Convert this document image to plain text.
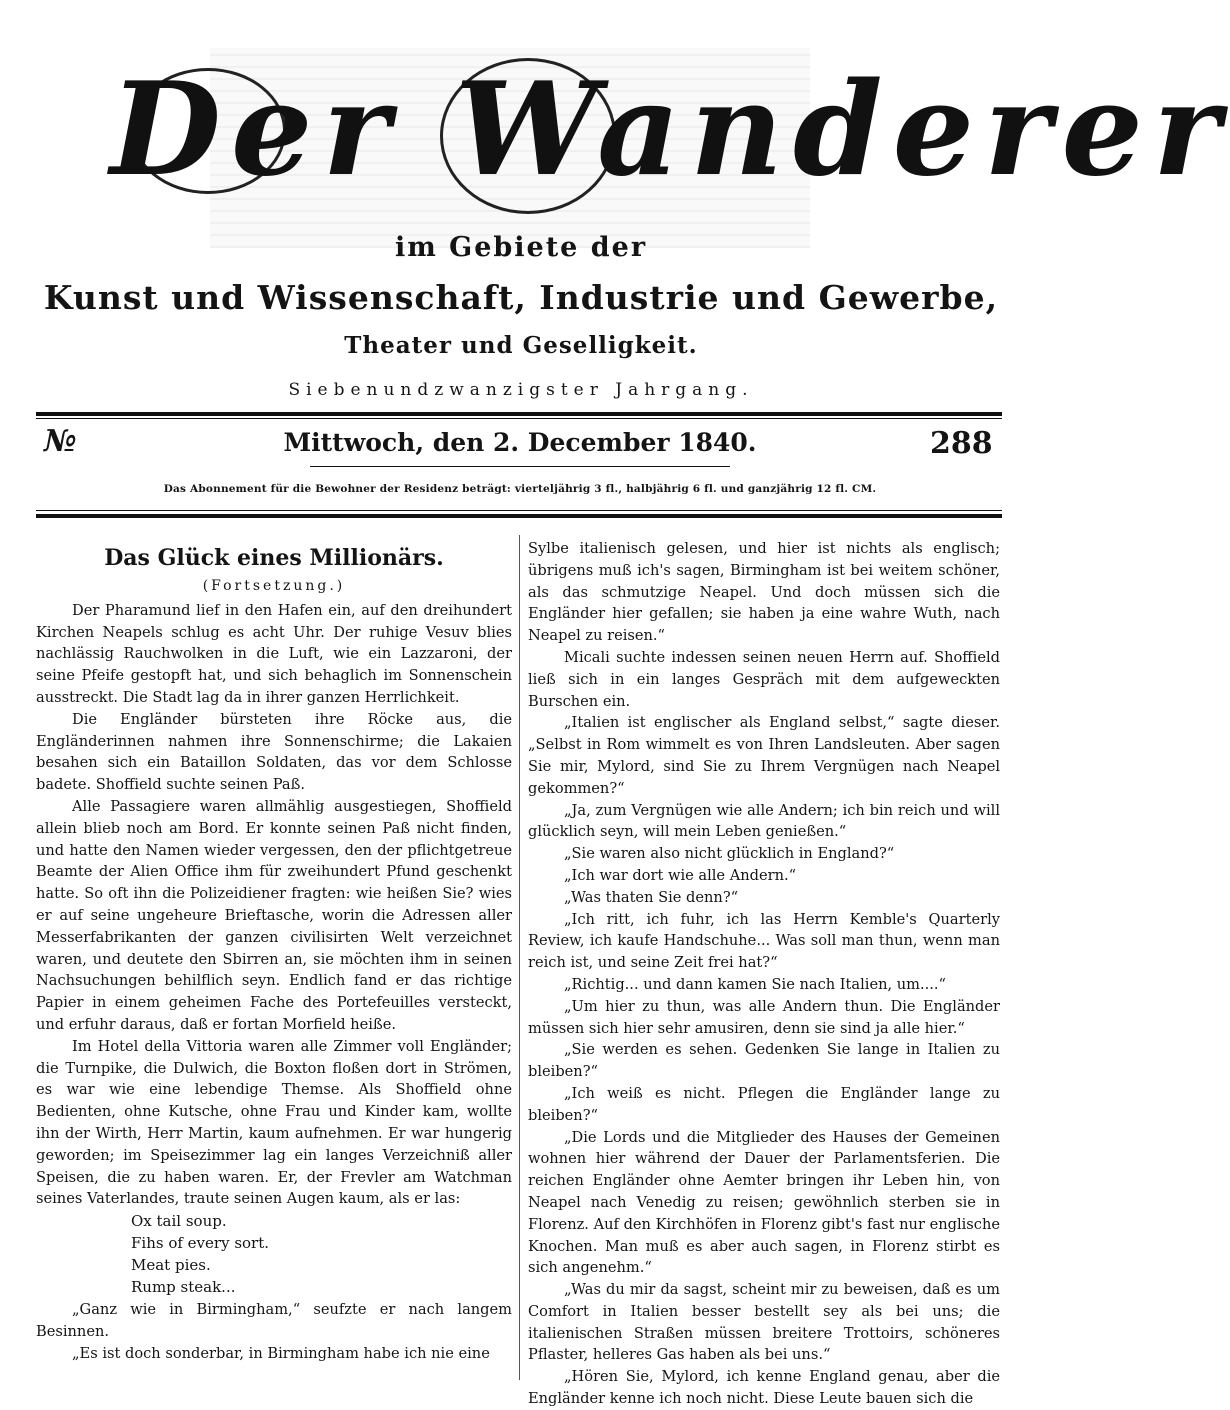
Der Wanderer
im Gebiete der
Kunst und Wissenschaft, Industrie und Gewerbe,
Theater und Geselligkeit.
Siebenundzwanzigster Jahrgang.
№	Mittwoch, den 2. December 1840.	288
Das Abonnement für die Bewohner der Residenz beträgt: vierteljährig 3 fl., halbjährig 6 fl. und ganzjährig 12 fl. CM.
Das Glück eines Millionärs.
(Fortsetzung.)

Der Pharamund lief in den Hafen ein, auf den dreihundert Kirchen Neapels schlug es acht Uhr. Der ruhige Vesuv blies nachlässig Rauchwolken in die Luft, wie ein Lazzaroni, der seine Pfeife gestopft hat, und sich behaglich im Sonnenschein ausstreckt. Die Stadt lag da in ihrer ganzen Herrlichkeit.

Die Engländer bürsteten ihre Röcke aus, die Engländerinnen nahmen ihre Sonnenschirme; die Lakaien besahen sich ein Bataillon Soldaten, das vor dem Schlosse badete. Shoffield suchte seinen Paß.

Alle Passagiere waren allmählig ausgestiegen, Shoffield allein blieb noch am Bord. Er konnte seinen Paß nicht finden, und hatte den Namen wieder vergessen, den der pflichtgetreue Beamte der Alien Office ihm für zweihundert Pfund geschenkt hatte. So oft ihn die Polizeidiener fragten: wie heißen Sie? wies er auf seine ungeheure Brieftasche, worin die Adressen aller Messerfabrikanten der ganzen civilisirten Welt verzeichnet waren, und deutete den Sbirren an, sie möchten ihm in seinen Nachsuchungen behilflich seyn. Endlich fand er das richtige Papier in einem geheimen Fache des Portefeuilles versteckt, und erfuhr daraus, daß er fortan Morfield heiße.

Im Hotel della Vittoria waren alle Zimmer voll Engländer; die Turnpike, die Dulwich, die Boxton floßen dort in Strömen, es war wie eine lebendige Themse. Als Shoffield ohne Bedienten, ohne Kutsche, ohne Frau und Kinder kam, wollte ihn der Wirth, Herr Martin, kaum aufnehmen. Er war hungerig geworden; im Speisezimmer lag ein langes Verzeichniß aller Speisen, die zu haben waren. Er, der Frevler am Watchman seines Vaterlandes, traute seinen Augen kaum, als er las:

Ox tail soup.
Fihs of every sort.
Meat pies.
Rump steak...

„Ganz wie in Birmingham,“ seufzte er nach langem Besinnen.

„Es ist doch sonderbar, in Birmingham habe ich nie eine

Sylbe italienisch gelesen, und hier ist nichts als englisch; übrigens muß ich's sagen, Birmingham ist bei weitem schöner, als das schmutzige Neapel. Und doch müssen sich die Engländer hier gefallen; sie haben ja eine wahre Wuth, nach Neapel zu reisen.“

Micali suchte indessen seinen neuen Herrn auf. Shoffield ließ sich in ein langes Gespräch mit dem aufgeweckten Burschen ein.

„Italien ist englischer als England selbst,“ sagte dieser. „Selbst in Rom wimmelt es von Ihren Landsleuten. Aber sagen Sie mir, Mylord, sind Sie zu Ihrem Vergnügen nach Neapel gekommen?“

„Ja, zum Vergnügen wie alle Andern; ich bin reich und will glücklich seyn, will mein Leben genießen.“

„Sie waren also nicht glücklich in England?“

„Ich war dort wie alle Andern.“

„Was thaten Sie denn?“

„Ich ritt, ich fuhr, ich las Herrn Kemble's Quarterly Review, ich kaufe Handschuhe... Was soll man thun, wenn man reich ist, und seine Zeit frei hat?“

„Richtig... und dann kamen Sie nach Italien, um....“

„Um hier zu thun, was alle Andern thun. Die Engländer müssen sich hier sehr amusiren, denn sie sind ja alle hier.“

„Sie werden es sehen. Gedenken Sie lange in Italien zu bleiben?“

„Ich weiß es nicht. Pflegen die Engländer lange zu bleiben?“

„Die Lords und die Mitglieder des Hauses der Gemeinen wohnen hier während der Dauer der Parlamentsferien. Die reichen Engländer ohne Aemter bringen ihr Leben hin, von Neapel nach Venedig zu reisen; gewöhnlich sterben sie in Florenz. Auf den Kirchhöfen in Florenz gibt's fast nur englische Knochen. Man muß es aber auch sagen, in Florenz stirbt es sich angenehm.“

„Was du mir da sagst, scheint mir zu beweisen, daß es um Comfort in Italien besser bestellt sey als bei uns; die italienischen Straßen müssen breitere Trottoirs, schöneres Pflaster, helleres Gas haben als bei uns.“

„Hören Sie, Mylord, ich kenne England genau, aber die Engländer kenne ich noch nicht. Diese Leute bauen sich die
